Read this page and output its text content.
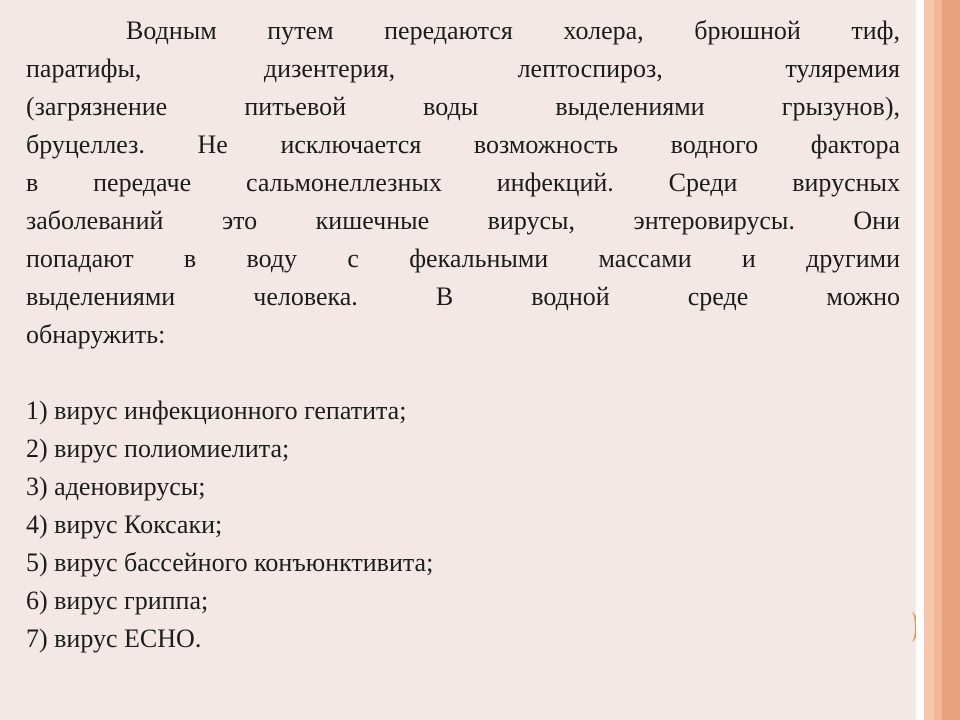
Водным путем передаются холера, брюшной тиф,
паратифы, дизентерия, лептоспироз, туляремия
(загрязнение питьевой воды выделениями грызунов),
бруцеллез. Не исключается возможность водного фактора
в передаче сальмонеллезных инфекций. Среди вирусных
заболеваний это кишечные вирусы, энтеровирусы. Они
попадают в воду с фекальными массами и другими
выделениями человека. В водной среде можно
обнаружить:

1) вирус инфекционного гепатита;
2) вирус полиомиелита;
3) аденовирусы;
4) вирус Коксаки;
5) вирус бассейного конъюнктивита;
6) вирус гриппа;
7) вирус ECHO.
